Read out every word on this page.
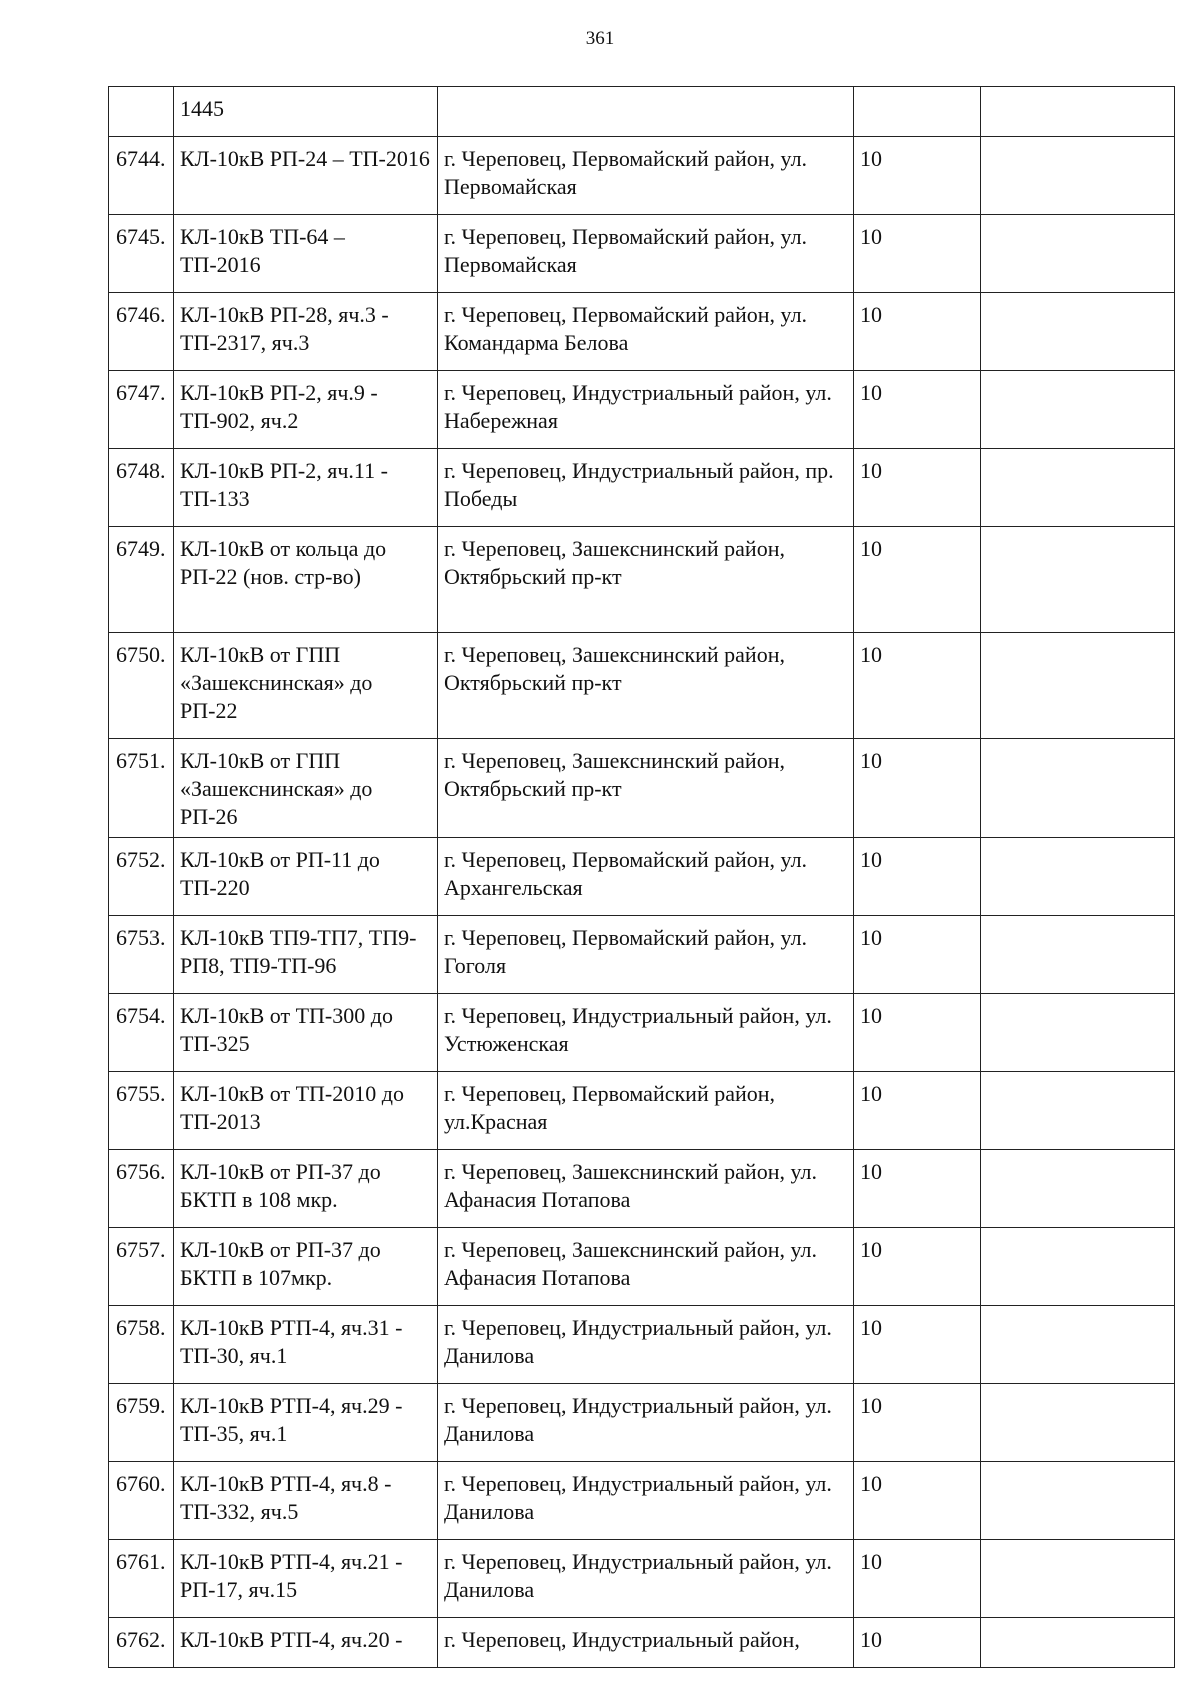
361
	1445			
6744.	КЛ-10кВ РП-24 – ТП-2016	г. Череповец, Первомайский район, ул. Первомайская	10	
6745.	КЛ-10кВ ТП-64 – ТП-2016	г. Череповец, Первомайский район, ул. Первомайская	10	
6746.	КЛ-10кВ РП-28, яч.3 - ТП-2317, яч.3	г. Череповец, Первомайский район, ул. Командарма Белова	10	
6747.	КЛ-10кВ РП-2, яч.9 - ТП-902, яч.2	г. Череповец, Индустриальный район, ул. Набережная	10	
6748.	КЛ-10кВ РП-2, яч.11 - ТП-133	г. Череповец, Индустриальный район, пр. Победы	10	
6749.	КЛ-10кВ от кольца до РП-22 (нов. стр-во)	г. Череповец, Зашекснинский район, Октябрьский пр-кт	10	
6750.	КЛ-10кВ от ГПП «Зашекснинская» до РП-22	г. Череповец, Зашекснинский район, Октябрьский пр-кт	10	
6751.	КЛ-10кВ от ГПП «Зашекснинская» до РП-26	г. Череповец, Зашекснинский район, Октябрьский пр-кт	10	
6752.	КЛ-10кВ от РП-11 до ТП-220	г. Череповец, Первомайский район, ул. Архангельская	10	
6753.	КЛ-10кВ ТП9-ТП7, ТП9-РП8, ТП9-ТП-96	г. Череповец, Первомайский район, ул. Гоголя	10	
6754.	КЛ-10кВ от ТП-300 до ТП-325	г. Череповец, Индустриальный район, ул. Устюженская	10	
6755.	КЛ-10кВ от ТП-2010 до ТП-2013	г. Череповец, Первомайский район, ул.Красная	10	
6756.	КЛ-10кВ от РП-37 до БКТП в 108 мкр.	г. Череповец, Зашекснинский район, ул. Афанасия Потапова	10	
6757.	КЛ-10кВ от РП-37 до БКТП в 107мкр.	г. Череповец, Зашекснинский район, ул. Афанасия Потапова	10	
6758.	КЛ-10кВ РТП-4, яч.31 - ТП-30, яч.1	г. Череповец, Индустриальный район, ул. Данилова	10	
6759.	КЛ-10кВ РТП-4, яч.29 - ТП-35, яч.1	г. Череповец, Индустриальный район, ул. Данилова	10	
6760.	КЛ-10кВ РТП-4, яч.8 - ТП-332, яч.5	г. Череповец, Индустриальный район, ул. Данилова	10	
6761.	КЛ-10кВ РТП-4, яч.21 - РП-17, яч.15	г. Череповец, Индустриальный район, ул. Данилова	10	
6762.	КЛ-10кВ РТП-4, яч.20 -	г. Череповец, Индустриальный район,	10	
